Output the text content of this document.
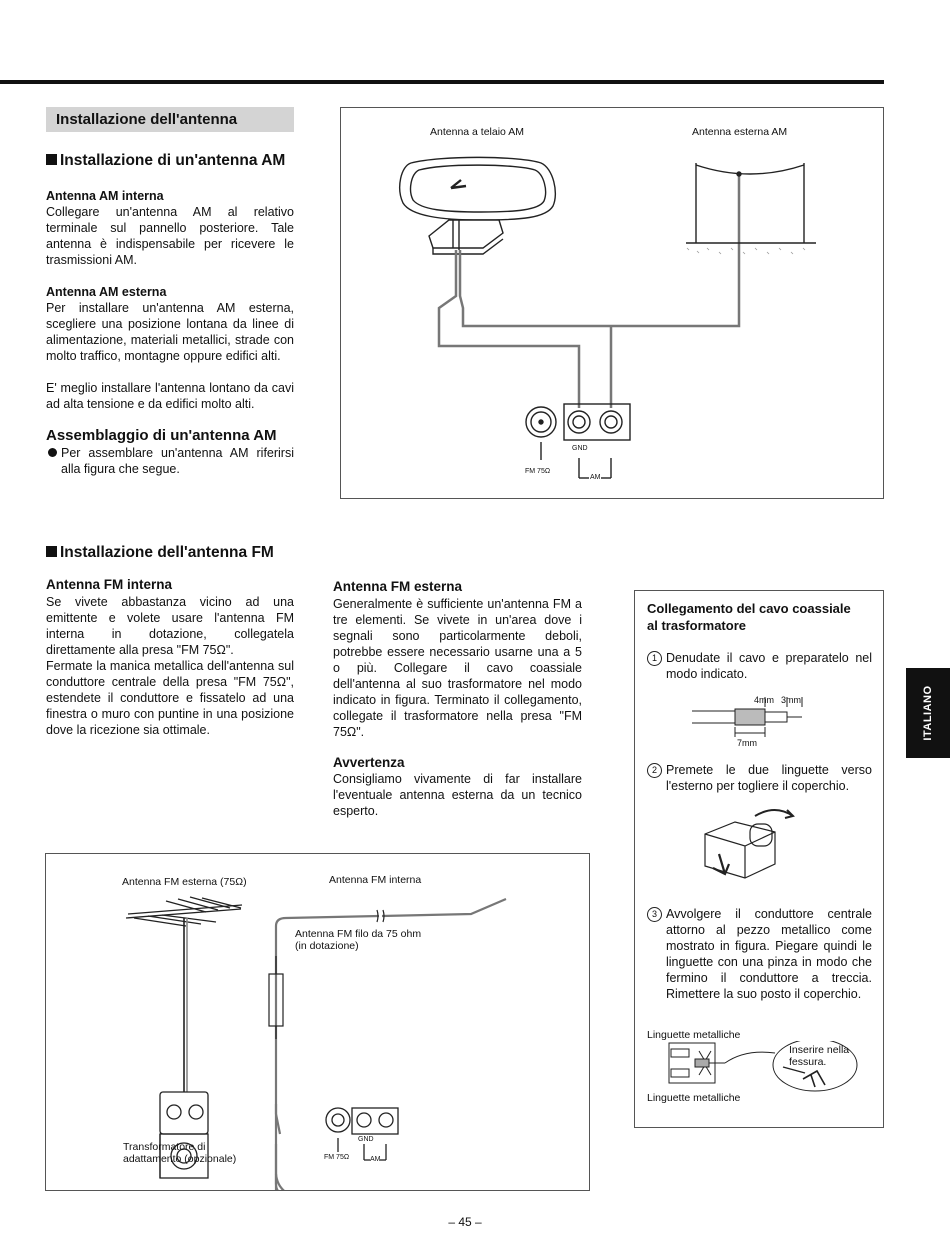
Installazione dell'antenna
Installazione di un'antenna AM
Antenna AM interna
Collegare un'antenna AM al relativo terminale sul pannello posteriore. Tale antenna è indispensabile per ricevere le trasmissioni AM.
Antenna AM esterna
Per installare un'antenna AM esterna, scegliere una posizione lontana da linee di alimentazione, materiali metallici, strade con molto traffico, montagne oppure edifici alti.
E' meglio installare l'antenna lontano da cavi ad alta tensione e da edifici molto alti.
Assemblaggio di un'antenna AM
Per assemblare un'antenna AM riferirsi alla figura che segue.
Antenna a telaio AM	Antenna esterna AM
FM 75Ω
GND
AM
Installazione dell'antenna FM
Antenna FM interna
Se vivete abbastanza vicino ad una emittente e volete usare l'antenna FM interna in dotazione, collegatela direttamente alla presa "FM 75Ω".
Fermate la manica metallica dell'antenna sul conduttore centrale della presa "FM 75Ω", estendete il conduttore e fissatelo ad una finestra o muro con puntine in una posizione dove la ricezione sia ottimale.
Antenna FM esterna
Generalmente è sufficiente un'antenna FM a tre elementi. Se vivete in un'area dove i segnali sono particolarmente deboli, potrebbe essere necessario usarne una a 5 o più. Collegare il cavo coassiale dell'antenna al suo trasformatore nel modo indicato in figura. Terminato il collegamento, collegate il trasformatore nella presa "FM 75Ω".
Avvertenza
Consigliamo vivamente di far installare l'eventuale antenna esterna da un tecnico esperto.
Antenna FM esterna (75Ω)	Antenna FM interna
Antenna FM filo da 75 ohm
(in dotazione)
Transformatore di
adattamento (opzionale)	FM 75Ω
GND
AM
Collegamento del cavo coassiale
al trasformatore
1 Denudate il cavo e preparatelo nel modo indicato.
4mm 3mm
7mm
2 Premete le due linguette verso l'esterno per togliere il coperchio.
3 Avvolgere il conduttore centrale attorno al pezzo metallico come mostrato in figura. Piegare quindi le linguette con una pinza in modo che fermino il conduttore a treccia. Rimettere la suo posto il coperchio.
Linguette metalliche
Inserire nella
fessura.
Linguette metalliche
ITALIANO
– 45 –
